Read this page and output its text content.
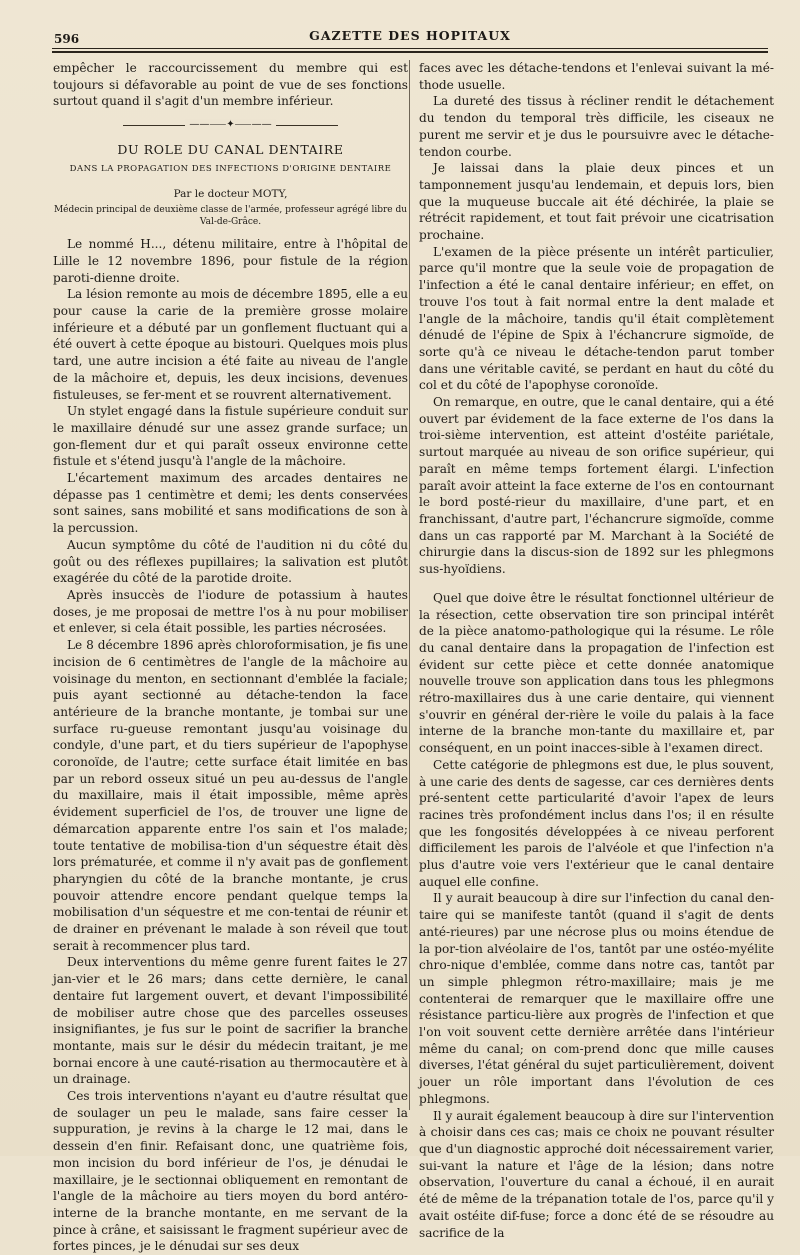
596	GAZETTE DES HOPITAUX

empêcher le raccourcissement du membre qui est toujours si défavorable au point de vue de ses fonctions surtout quand il s'agit d'un membre inférieur.

——⸺✦⸺——
DU ROLE DU CANAL DENTAIRE
DANS LA PROPAGATION DES INFECTIONS D'ORIGINE DENTAIRE
Par le docteur MOTY,
Médecin principal de deuxième classe de l'armée, professeur agrégé libre du Val-de-Grâce.

Le nommé H..., détenu militaire, entre à l'hôpital de Lille le 12 novembre 1896, pour fistule de la région paroti-dienne droite.

La lésion remonte au mois de décembre 1895, elle a eu pour cause la carie de la première grosse molaire inférieure et a débuté par un gonflement fluctuant qui a été ouvert à cette époque au bistouri. Quelques mois plus tard, une autre incision a été faite au niveau de l'angle de la mâchoire et, depuis, les deux incisions, devenues fistuleuses, se fer-ment et se rouvrent alternativement.

Un stylet engagé dans la fistule supérieure conduit sur le maxillaire dénudé sur une assez grande surface; un gon-flement dur et qui paraît osseux environne cette fistule et s'étend jusqu'à l'angle de la mâchoire.

L'écartement maximum des arcades dentaires ne dépasse pas 1 centimètre et demi; les dents conservées sont saines, sans mobilité et sans modifications de son à la percussion.

Aucun symptôme du côté de l'audition ni du côté du goût ou des réflexes pupillaires; la salivation est plutôt exagérée du côté de la parotide droite.

Après insuccès de l'iodure de potassium à hautes doses, je me proposai de mettre l'os à nu pour mobiliser et enlever, si cela était possible, les parties nécrosées.

Le 8 décembre 1896 après chloroformisation, je fis une incision de 6 centimètres de l'angle de la mâchoire au voisinage du menton, en sectionnant d'emblée la faciale; puis ayant sectionné au détache-tendon la face antérieure de la branche montante, je tombai sur une surface ru-gueuse remontant jusqu'au voisinage du condyle, d'une part, et du tiers supérieur de l'apophyse coronoïde, de l'autre; cette surface était limitée en bas par un rebord osseux situé un peu au-dessus de l'angle du maxillaire, mais il était impossible, même après évidement superficiel de l'os, de trouver une ligne de démarcation apparente entre l'os sain et l'os malade; toute tentative de mobilisa-tion d'un séquestre était dès lors prématurée, et comme il n'y avait pas de gonflement pharyngien du côté de la branche montante, je crus pouvoir attendre encore pendant quelque temps la mobilisation d'un séquestre et me con-tentai de réunir et de drainer en prévenant le malade à son réveil que tout serait à recommencer plus tard.

Deux interventions du même genre furent faites le 27 jan-vier et le 26 mars; dans cette dernière, le canal dentaire fut largement ouvert, et devant l'impossibilité de mobiliser autre chose que des parcelles osseuses insignifiantes, je fus sur le point de sacrifier la branche montante, mais sur le désir du médecin traitant, je me bornai encore à une cauté-risation au thermocautère et à un drainage.

Ces trois interventions n'ayant eu d'autre résultat que de soulager un peu le malade, sans faire cesser la suppuration, je revins à la charge le 12 mai, dans le dessein d'en finir. Refaisant donc, une quatrième fois, mon incision du bord inférieur de l'os, je dénudai le maxillaire, je le sectionnai obliquement en remontant de l'angle de la mâchoire au tiers moyen du bord antéro-interne de la branche montante, en me servant de la pince à crâne, et saisissant le fragment supérieur avec de fortes pinces, je le dénudai sur ses deux

faces avec les détache-tendons et l'enlevai suivant la mé-thode usuelle.

La dureté des tissus à récliner rendit le détachement du tendon du temporal très difficile, les ciseaux ne purent me servir et je dus le poursuivre avec le détache-tendon courbe.

Je laissai dans la plaie deux pinces et un tamponnement jusqu'au lendemain, et depuis lors, bien que la muqueuse buccale ait été déchirée, la plaie se rétrécit rapidement, et tout fait prévoir une cicatrisation prochaine.

L'examen de la pièce présente un intérêt particulier, parce qu'il montre que la seule voie de propagation de l'infection a été le canal dentaire inférieur; en effet, on trouve l'os tout à fait normal entre la dent malade et l'angle de la mâchoire, tandis qu'il était complètement dénudé de l'épine de Spix à l'échancrure sigmoïde, de sorte qu'à ce niveau le détache-tendon parut tomber dans une véritable cavité, se perdant en haut du côté du col et du côté de l'apophyse coronoïde.

On remarque, en outre, que le canal dentaire, qui a été ouvert par évidement de la face externe de l'os dans la troi-sième intervention, est atteint d'ostéite pariétale, surtout marquée au niveau de son orifice supérieur, qui paraît en même temps fortement élargi. L'infection paraît avoir atteint la face externe de l'os en contournant le bord posté-rieur du maxillaire, d'une part, et en franchissant, d'autre part, l'échancrure sigmoïde, comme dans un cas rapporté par M. Marchant à la Société de chirurgie dans la discus-sion de 1892 sur les phlegmons sus-hyoïdiens.

Quel que doive être le résultat fonctionnel ultérieur de la résection, cette observation tire son principal intérêt de la pièce anatomo-pathologique qui la résume. Le rôle du canal dentaire dans la propagation de l'infection est évident sur cette pièce et cette donnée anatomique nouvelle trouve son application dans tous les phlegmons rétro-maxillaires dus à une carie dentaire, qui viennent s'ouvrir en général der-rière le voile du palais à la face interne de la branche mon-tante du maxillaire et, par conséquent, en un point inacces-sible à l'examen direct.

Cette catégorie de phlegmons est due, le plus souvent, à une carie des dents de sagesse, car ces dernières dents pré-sentent cette particularité d'avoir l'apex de leurs racines très profondément inclus dans l'os; il en résulte que les fongosités développées à ce niveau perforent difficilement les parois de l'alvéole et que l'infection n'a plus d'autre voie vers l'extérieur que le canal dentaire auquel elle confine.

Il y aurait beaucoup à dire sur l'infection du canal den-taire qui se manifeste tantôt (quand il s'agit de dents anté-rieures) par une nécrose plus ou moins étendue de la por-tion alvéolaire de l'os, tantôt par une ostéo-myélite chro-nique d'emblée, comme dans notre cas, tantôt par un simple phlegmon rétro-maxillaire; mais je me contenterai de remarquer que le maxillaire offre une résistance particu-lière aux progrès de l'infection et que l'on voit souvent cette dernière arrêtée dans l'intérieur même du canal; on com-prend donc que mille causes diverses, l'état général du sujet particulièrement, doivent jouer un rôle important dans l'évolution de ces phlegmons.

Il y aurait également beaucoup à dire sur l'intervention à choisir dans ces cas; mais ce choix ne pouvant résulter que d'un diagnostic approché doit nécessairement varier, sui-vant la nature et l'âge de la lésion; dans notre observation, l'ouverture du canal a échoué, il en aurait été de même de la trépanation totale de l'os, parce qu'il y avait ostéite dif-fuse; force a donc été de se résoudre au sacrifice de la
